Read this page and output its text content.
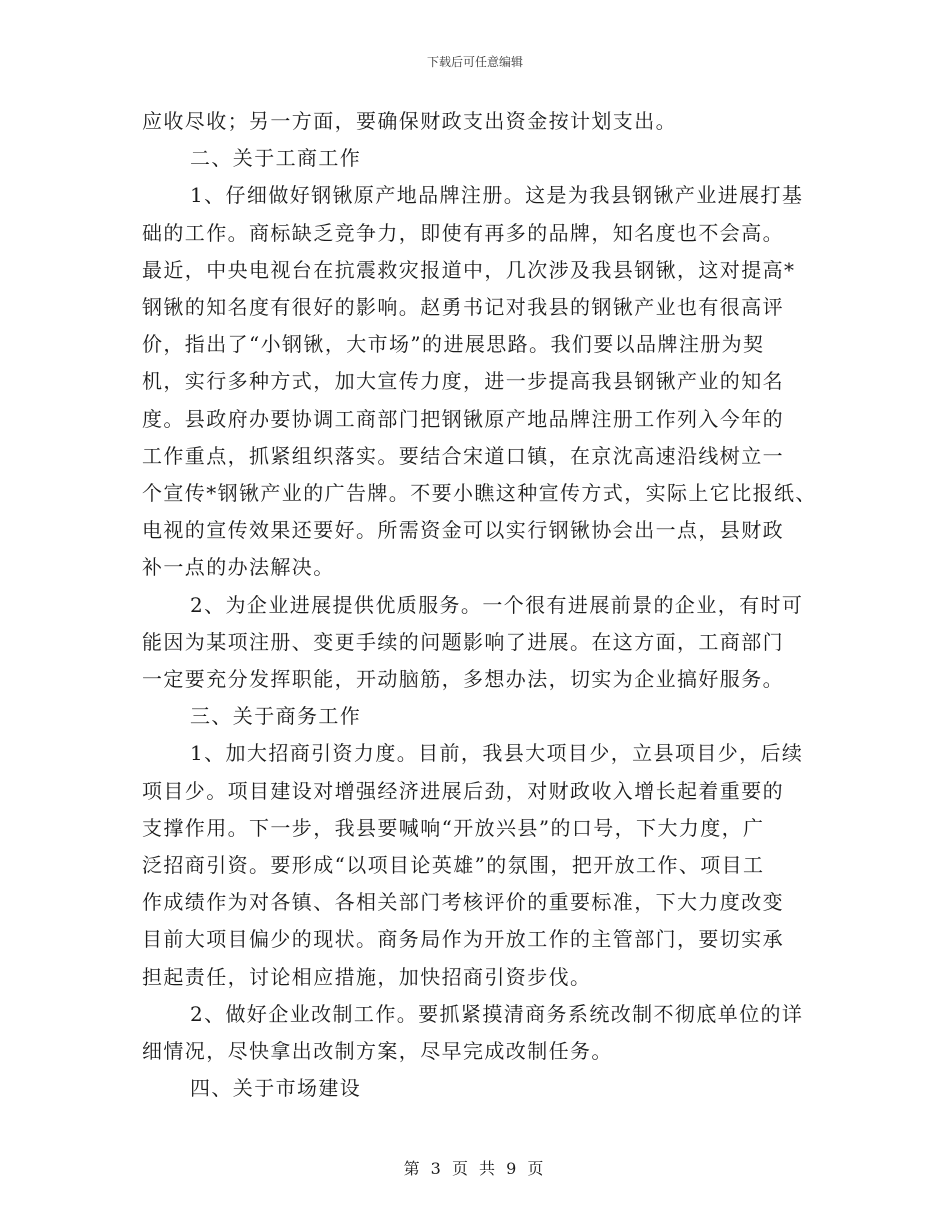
下载后可任意编辑
应收尽收；另一方面，要确保财政支出资金按计划支出。
二、关于工商工作
1、仔细做好钢锹原产地品牌注册。这是为我县钢锹产业进展打基
础的工作。商标缺乏竞争力，即使有再多的品牌，知名度也不会高。
最近，中央电视台在抗震救灾报道中，几次涉及我县钢锹，这对提高*
钢锹的知名度有很好的影响。赵勇书记对我县的钢锹产业也有很高评
价，指出了“小钢锹，大市场”的进展思路。我们要以品牌注册为契
机，实行多种方式，加大宣传力度，进一步提高我县钢锹产业的知名
度。县政府办要协调工商部门把钢锹原产地品牌注册工作列入今年的
工作重点，抓紧组织落实。要结合宋道口镇，在京沈高速沿线树立一
个宣传*钢锹产业的广告牌。不要小瞧这种宣传方式，实际上它比报纸、
电视的宣传效果还要好。所需资金可以实行钢锹协会出一点，县财政
补一点的办法解决。
2、为企业进展提供优质服务。一个很有进展前景的企业，有时可
能因为某项注册、变更手续的问题影响了进展。在这方面，工商部门
一定要充分发挥职能，开动脑筋，多想办法，切实为企业搞好服务。
三、关于商务工作
1、加大招商引资力度。目前，我县大项目少，立县项目少，后续
项目少。项目建设对增强经济进展后劲，对财政收入增长起着重要的
支撑作用。下一步，我县要喊响“开放兴县”的口号，下大力度，广
泛招商引资。要形成“以项目论英雄”的氛围，把开放工作、项目工
作成绩作为对各镇、各相关部门考核评价的重要标准，下大力度改变
目前大项目偏少的现状。商务局作为开放工作的主管部门，要切实承
担起责任，讨论相应措施，加快招商引资步伐。
2、做好企业改制工作。要抓紧摸清商务系统改制不彻底单位的详
细情况，尽快拿出改制方案，尽早完成改制任务。
四、关于市场建设
第 3 页 共 9 页
